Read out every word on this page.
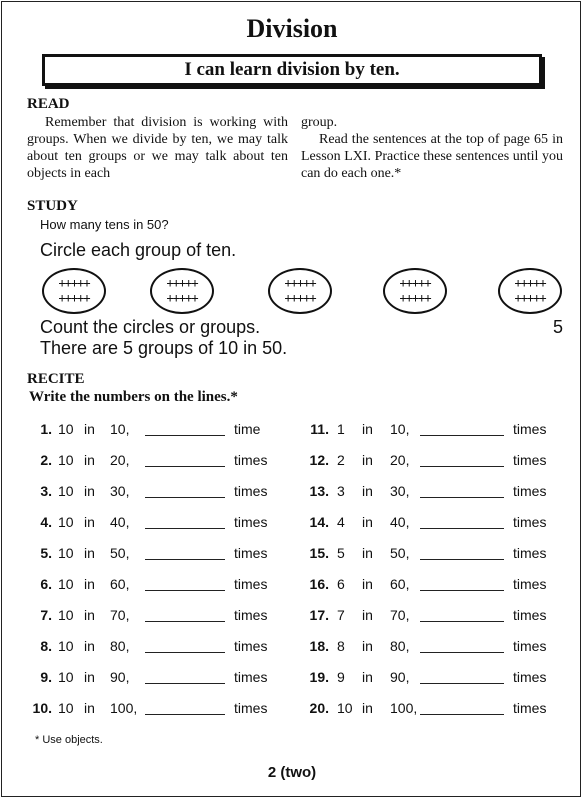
Division
I can learn division by ten.
READ

Remember that division is working with groups. When we divide by ten, we may talk about ten groups or we may talk about ten objects in each

group.

Read the sentences at the top of page 65 in Lesson LXI. Practice these sentences until you can do each one.*

STUDY
How many tens in 50?
Circle each group of ten.
+++++
+++++
+++++
+++++
+++++
+++++
+++++
+++++
+++++
+++++
Count the circles or groups.	5
There are 5 groups of 10 in 50.
RECITE
Write the numbers on the lines.*
1. 10 in 10,	time
2. 10 in 20,	times
3. 10 in 30,	times
4. 10 in 40,	times
5. 10 in 50,	times
6. 10 in 60,	times
7. 10 in 70,	times
8. 10 in 80,	times
9. 10 in 90,	times
10. 10 in 100,	times
11. 1 in 10,	times
12. 2 in 20,	times
13. 3 in 30,	times
14. 4 in 40,	times
15. 5 in 50,	times
16. 6 in 60,	times
17. 7 in 70,	times
18. 8 in 80,	times
19. 9 in 90,	times
20. 10 in 100,	times
* Use objects.
2 (two)
